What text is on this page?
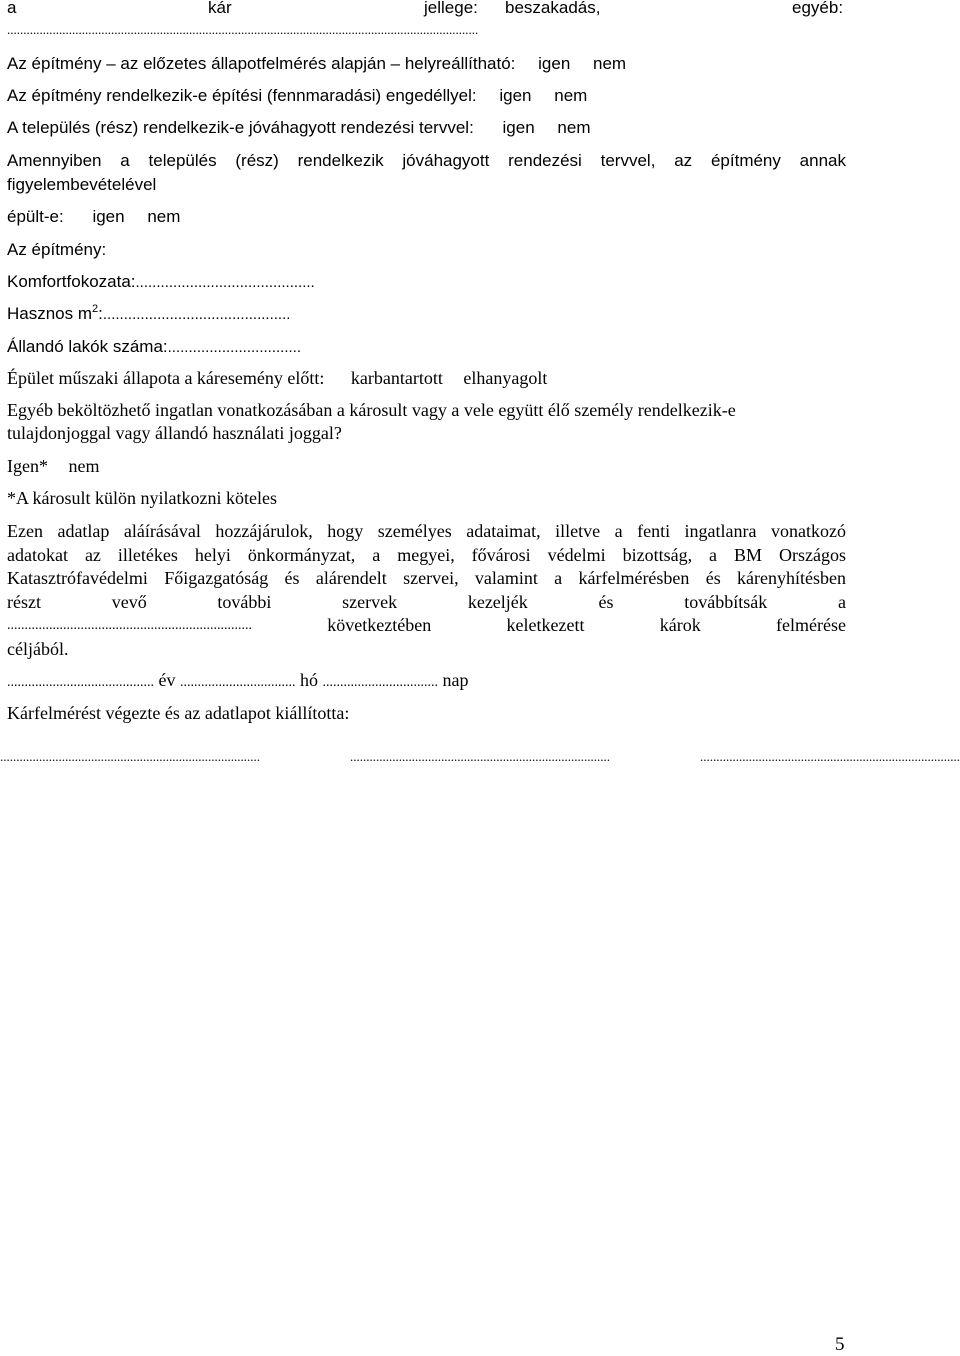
a	kár	jellege: beszakadás,	egyéb:
.................................................................................................................................................
Az építmény – az előzetes állapotfelmérés alapján – helyreállítható: igen nem
Az építmény rendelkezik-e építési (fennmaradási) engedéllyel: igen nem
A település (rész) rendelkezik-e jóváhagyott rendezési tervvel: igen nem
Amennyiben a település (rész) rendelkezik jóváhagyott rendezési tervvel, az építmény annak
figyelembevételével
épült-e: igen nem
Az építmény:
Komfortfokozata:...........................................
Hasznos $m^2$:.............................................
Állandó lakók száma:................................
Épület műszaki állapota a káresemény előtt: karbantartott elhanyagolt
Egyéb beköltözhető ingatlan vonatkozásában a károsult vagy a vele együtt élő személy rendelkezik-e
tulajdonjoggal vagy állandó használati joggal?
Igen* nem
*A károsult külön nyilatkozni köteles
Ezen adatlap aláírásával hozzájárulok, hogy személyes adataimat, illetve a fenti ingatlanra vonatkozó
adatokat az illetékes helyi önkormányzat, a megyei, fővárosi védelmi bizottság, a BM Országos
Katasztrófavédelmi Főigazgatóság és alárendelt szervei, valamint a kárfelmérésben és kárenyhítésben
részt	vevő	további	szervek	kezeljék	és	továbbítsák	a
......................................................................	következtében	keletkezett	károk	felmérése
céljából.
.......................................... év ................................. hó ................................. nap
Kárfelmérést végezte és az adatlapot kiállította:
................................................................................	................................................................................	................................................................................
5
